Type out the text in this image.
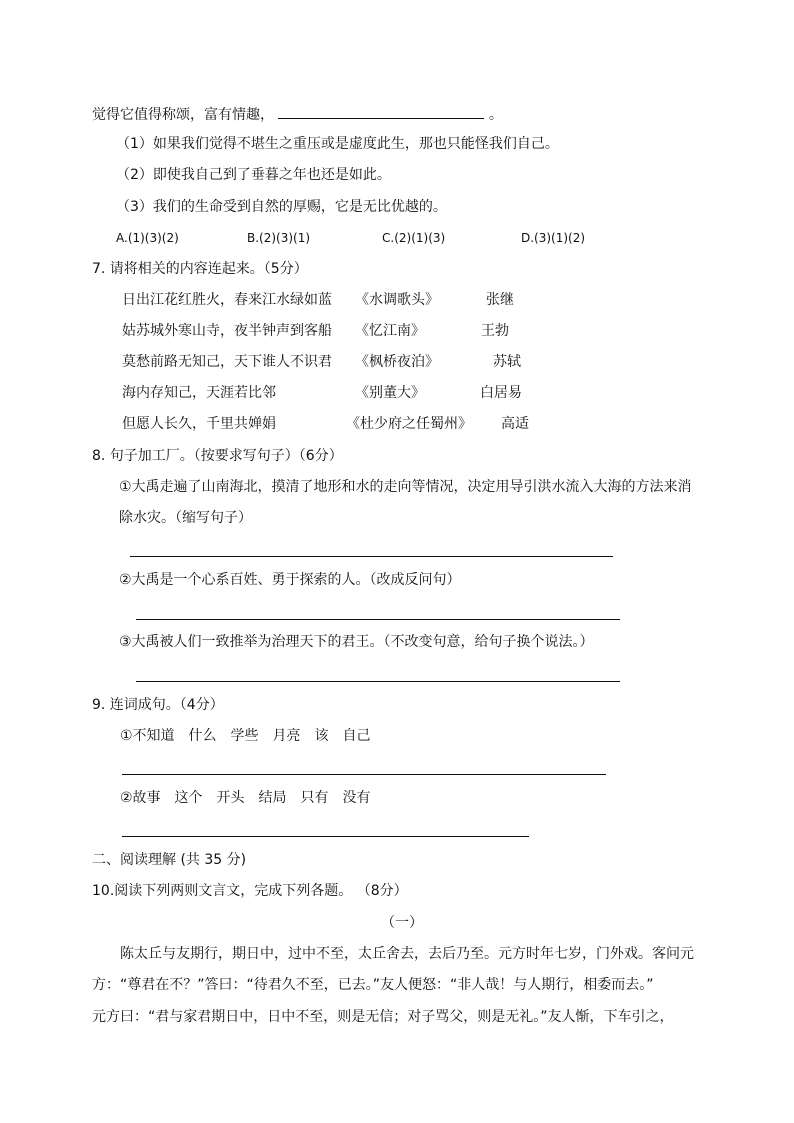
觉得它值得称颂，富有情趣，	。
（1）如果我们觉得不堪生之重压或是虚度此生，那也只能怪我们自己。
（2）即使我自己到了垂暮之年也还是如此。
（3）我们的生命受到自然的厚赐，它是无比优越的。
A.(1)(3)(2)	B.(2)(3)(1)	C.(2)(1)(3)	D.(3)(1)(2)
7. 请将相关的内容连起来。（5分）
日出江花红胜火，春来江水绿如蓝 《水调歌头》	张继
姑苏城外寒山寺，夜半钟声到客船 《忆江南》	王勃
莫愁前路无知己，天下谁人不识君 《枫桥夜泊》	苏轼
海内存知己，天涯若比邻	《别董大》	白居易
但愿人长久，千里共婵娟	《杜少府之任蜀州》 高适
8. 句子加工厂。（按要求写句子）（6分）
①大禹走遍了山南海北，摸清了地形和水的走向等情况，决定用导引洪水流入大海的方法来消
除水灾。（缩写句子）
②大禹是一个心系百姓、勇于探索的人。（改成反问句）
③大禹被人们一致推举为治理天下的君王。（不改变句意，给句子换个说法。）
9. 连词成句。（4分）
①不知道　什么　学些　月亮　该　自己
②故事　这个　开头　结局　只有　没有
二、阅读理解 (共 35 分)
10.阅读下列两则文言文，完成下列各题。 （8分）
（一）
陈太丘与友期行，期日中，过中不至，太丘舍去，去后乃至。元方时年七岁，门外戏。客问元
方：“尊君在不？”答曰：“待君久不至，已去。”友人便怒：“非人哉！与人期行，相委而去。”
元方曰：“君与家君期日中，日中不至，则是无信；对子骂父，则是无礼。”友人惭，下车引之，
